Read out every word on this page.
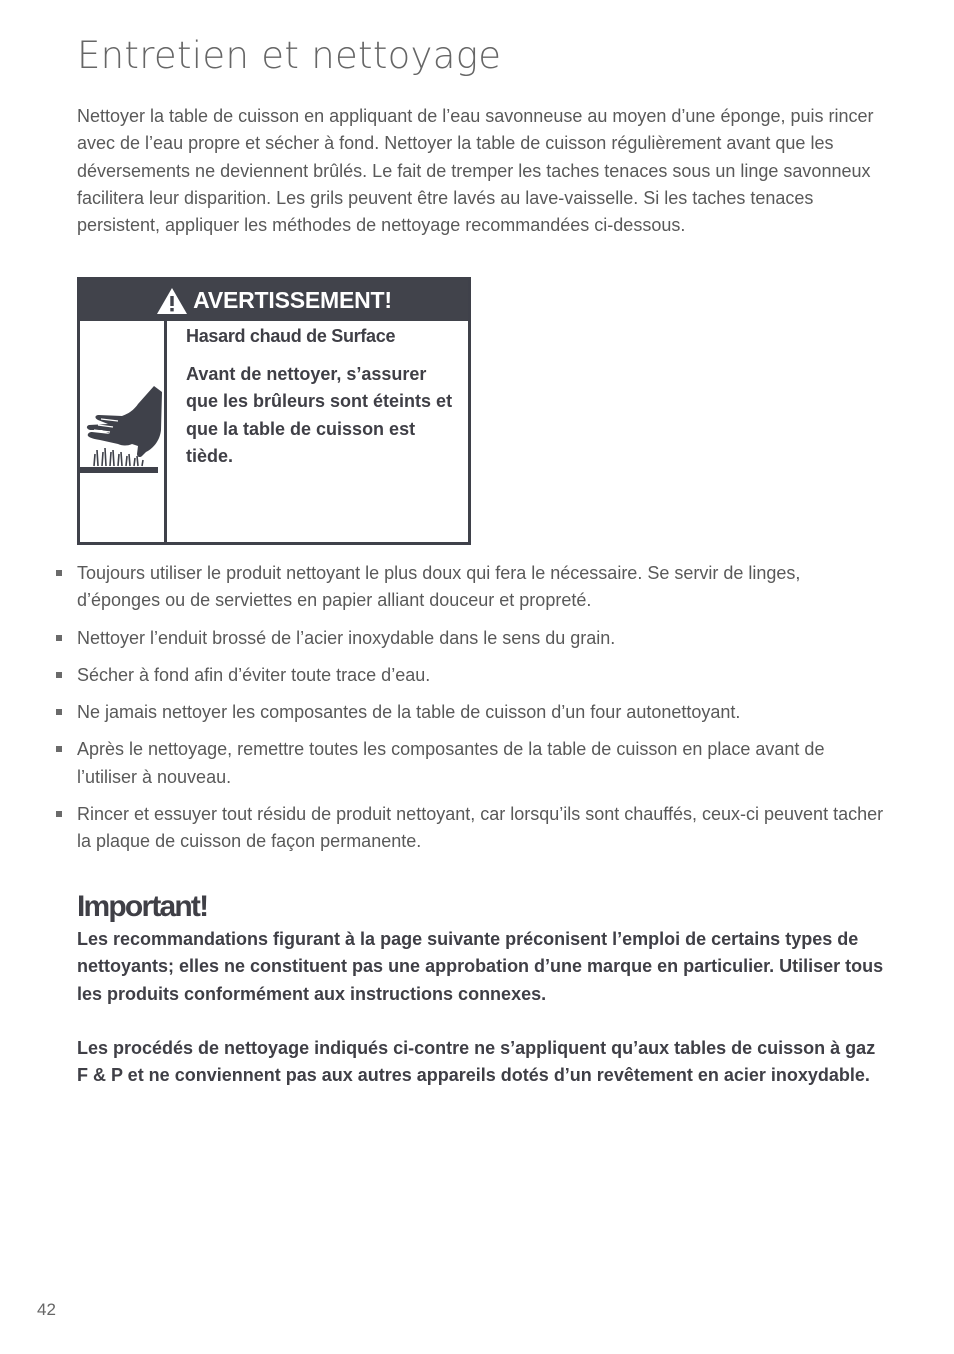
Entretien et nettoyage

Nettoyer la table de cuisson en appliquant de l’eau savonneuse au moyen d’une éponge, puis rincer avec de l’eau propre et sécher à fond. Nettoyer la table de cuisson régulièrement avant que les déversements ne deviennent brûlés. Le fait de tremper les taches tenaces sous un linge savonneux facilitera leur disparition. Les grils peuvent être lavés au lave-vaisselle. Si les taches tenaces persistent, appliquer les méthodes de nettoyage recommandées ci-dessous.

AVERTISSEMENT!

Hasard chaud de Surface

Avant de nettoyer, s’assurer que les brûleurs sont éteints et que la table de cuisson est tiède.

Toujours utiliser le produit nettoyant le plus doux qui fera le nécessaire. Se servir de linges, d’éponges ou de serviettes en papier alliant douceur et propreté.
Nettoyer l’enduit brossé de l’acier inoxydable dans le sens du grain.
Sécher à fond afin d’éviter toute trace d’eau.
Ne jamais nettoyer les composantes de la table de cuisson d’un four autonettoyant.
Après le nettoyage, remettre toutes les composantes de la table de cuisson en place avant de l’utiliser à nouveau.
Rincer et essuyer tout résidu de produit nettoyant, car lorsqu’ils sont chauffés, ceux-ci peuvent tacher la plaque de cuisson de façon permanente.
Important!

Les recommandations figurant à la page suivante préconisent l’emploi de certains types de nettoyants; elles ne constituent pas une approbation d’une marque en particulier. Utiliser tous les produits conformément aux instructions connexes.

Les procédés de nettoyage indiqués ci-contre ne s’appliquent qu’aux tables de cuisson à gaz F & P et ne conviennent pas aux autres appareils dotés d’un revêtement en acier inoxydable.

42
